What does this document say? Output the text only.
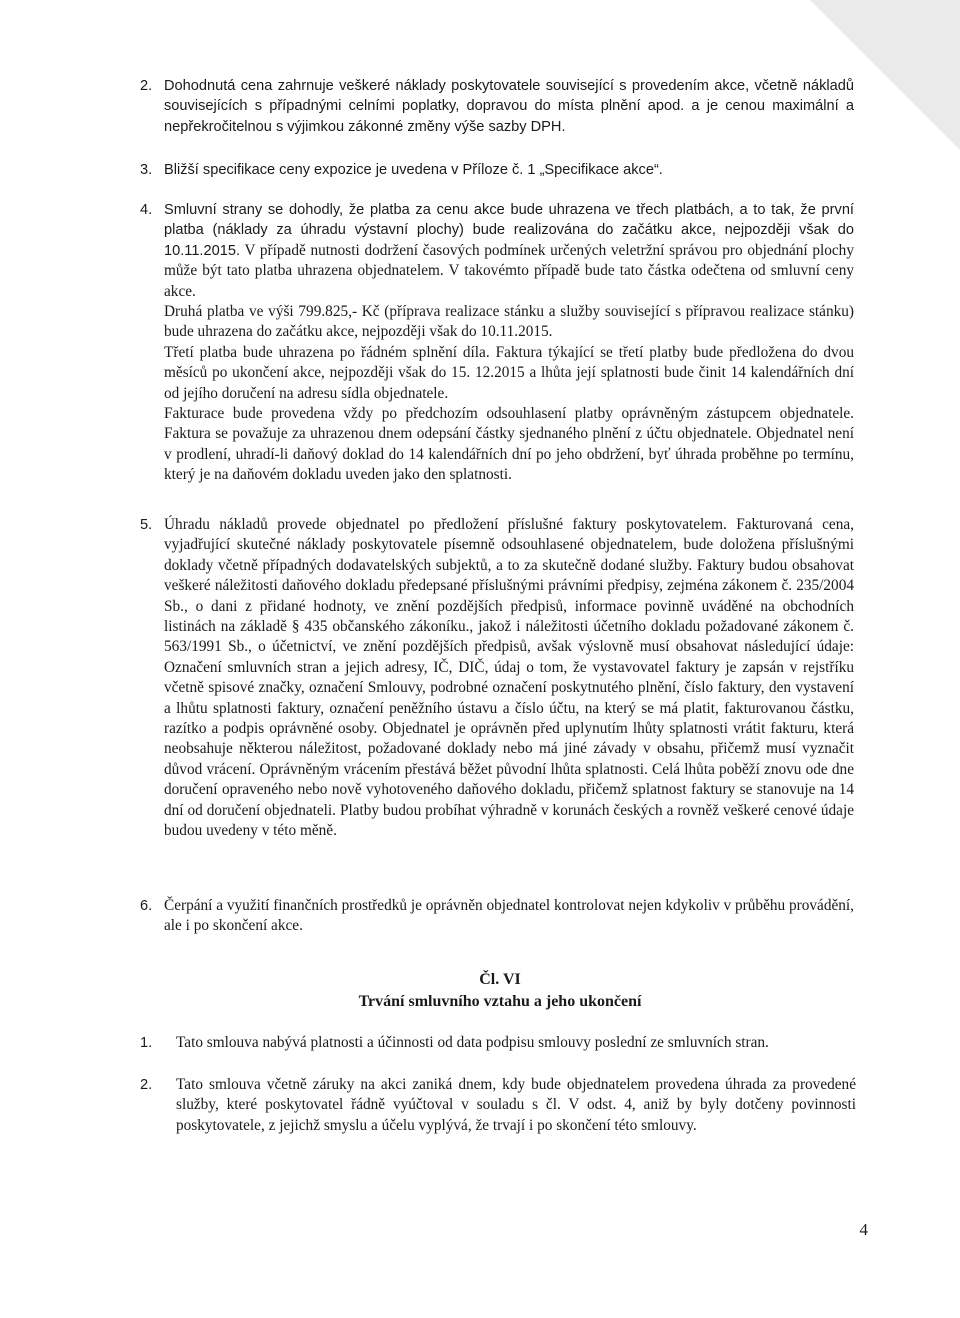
2. Dohodnutá cena zahrnuje veškeré náklady poskytovatele související s provedením akce, včetně nákladů souvisejících s případnými celními poplatky, dopravou do místa plnění apod. a je cenou maximální a nepřekročitelnou s výjimkou zákonné změny výše sazby DPH.
3. Bližší specifikace ceny expozice je uvedena v Příloze č. 1 „Specifikace akce“.
4. Smluvní strany se dohodly, že platba za cenu akce bude uhrazena ve třech platbách, a to tak, že první platba (náklady za úhradu výstavní plochy) bude realizována do začátku akce, nejpozději však do 10.11.2015. V případě nutnosti dodržení časových podmínek určených veletržní správou pro objednání plochy může být tato platba uhrazena objednatelem. V takovémto případě bude tato částka odečtena od smluvní ceny akce.

Druhá platba ve výši 799.825,- Kč (příprava realizace stánku a služby související s přípravou realizace stánku) bude uhrazena do začátku akce, nejpozději však do 10.11.2015.

Třetí platba bude uhrazena po řádném splnění díla. Faktura týkající se třetí platby bude předložena do dvou měsíců po ukončení akce, nejpozději však do 15. 12.2015 a lhůta její splatnosti bude činit 14 kalendářních dní od jejího doručení na adresu sídla objednatele.

Fakturace bude provedena vždy po předchozím odsouhlasení platby oprávněným zástupcem objednatele. Faktura se považuje za uhrazenou dnem odepsání částky sjednaného plnění z účtu objednatele. Objednatel není v prodlení, uhradí-li daňový doklad do 14 kalendářních dní po jeho obdržení, byť úhrada proběhne po termínu, který je na daňovém dokladu uveden jako den splatnosti.

5. Úhradu nákladů provede objednatel po předložení příslušné faktury poskytovatelem. Fakturovaná cena, vyjadřující skutečné náklady poskytovatele písemně odsouhlasené objednatelem, bude doložena příslušnými doklady včetně případných dodavatelských subjektů, a to za skutečně dodané služby. Faktury budou obsahovat veškeré náležitosti daňového dokladu předepsané příslušnými právními předpisy, zejména zákonem č. 235/2004 Sb., o dani z přidané hodnoty, ve znění pozdějších předpisů, informace povinně uváděné na obchodních listinách na základě § 435 občanského zákoníku., jakož i náležitosti účetního dokladu požadované zákonem č. 563/1991 Sb., o účetnictví, ve znění pozdějších předpisů, avšak výslovně musí obsahovat následující údaje: Označení smluvních stran a jejich adresy, IČ, DIČ, údaj o tom, že vystavovatel faktury je zapsán v rejstříku včetně spisové značky, označení Smlouvy, podrobné označení poskytnutého plnění, číslo faktury, den vystavení a lhůtu splatnosti faktury, označení peněžního ústavu a číslo účtu, na který se má platit, fakturovanou částku, razítko a podpis oprávněné osoby. Objednatel je oprávněn před uplynutím lhůty splatnosti vrátit fakturu, která neobsahuje některou náležitost, požadované doklady nebo má jiné závady v obsahu, přičemž musí vyznačit důvod vrácení. Oprávněným vrácením přestává běžet původní lhůta splatnosti. Celá lhůta poběží znovu ode dne doručení opraveného nebo nově vyhotoveného daňového dokladu, přičemž splatnost faktury se stanovuje na 14 dní od doručení objednateli. Platby budou probíhat výhradně v korunách českých a rovněž veškeré cenové údaje budou uvedeny v této měně.
6. Čerpání a využití finančních prostředků je oprávněn objednatel kontrolovat nejen kdykoliv v průběhu provádění, ale i po skončení akce.
Čl. VI
Trvání smluvního vztahu a jeho ukončení
1. Tato smlouva nabývá platnosti a účinnosti od data podpisu smlouvy poslední ze smluvních stran.
2. Tato smlouva včetně záruky na akci zaniká dnem, kdy bude objednatelem provedena úhrada za provedené služby, které poskytovatel řádně vyúčtoval v souladu s čl. V odst. 4, aniž by byly dotčeny povinnosti poskytovatele, z jejichž smyslu a účelu vyplývá, že trvají i po skončení této smlouvy.
4
